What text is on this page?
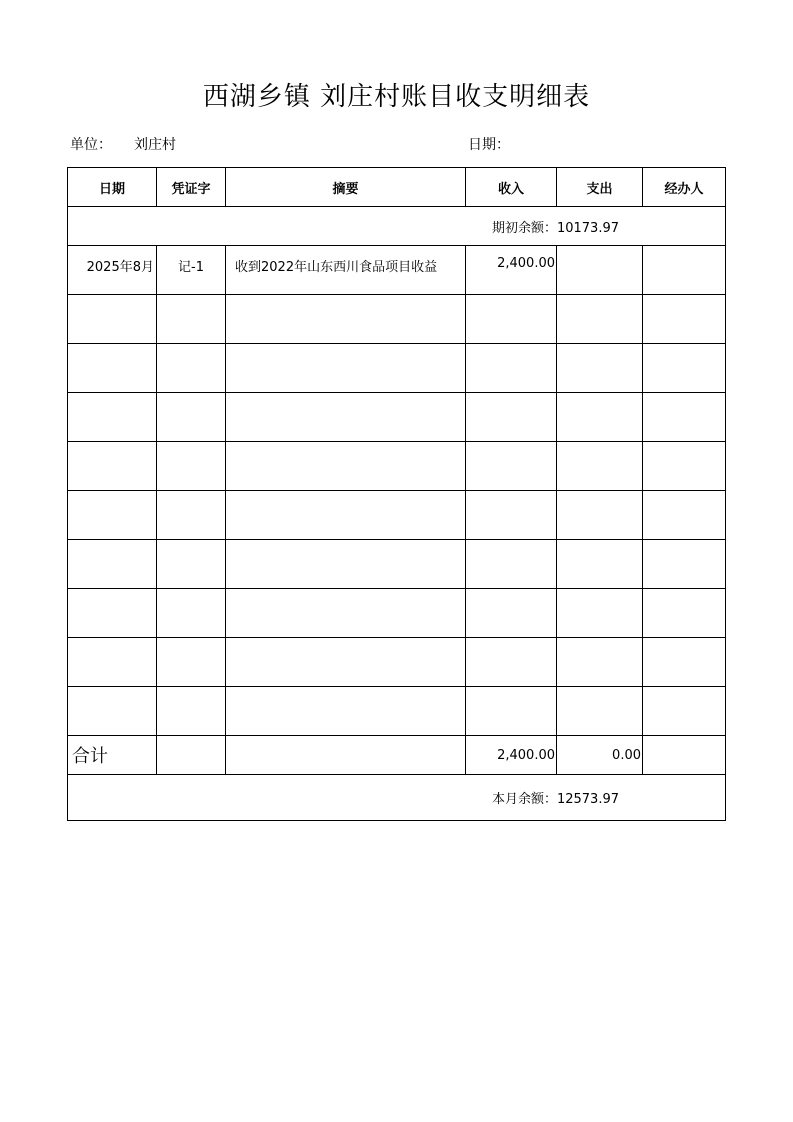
西湖乡镇 刘庄村账目收支明细表
单位： 刘庄村	日期：
日期	凭证字	摘要	收入	支出	经办人
期初余额：10173.97					
2025年8月	记-1	收到2022年山东西川食品项目收益	2,400.00		

合计			2,400.00	0.00	
本月余额：12573.97					
